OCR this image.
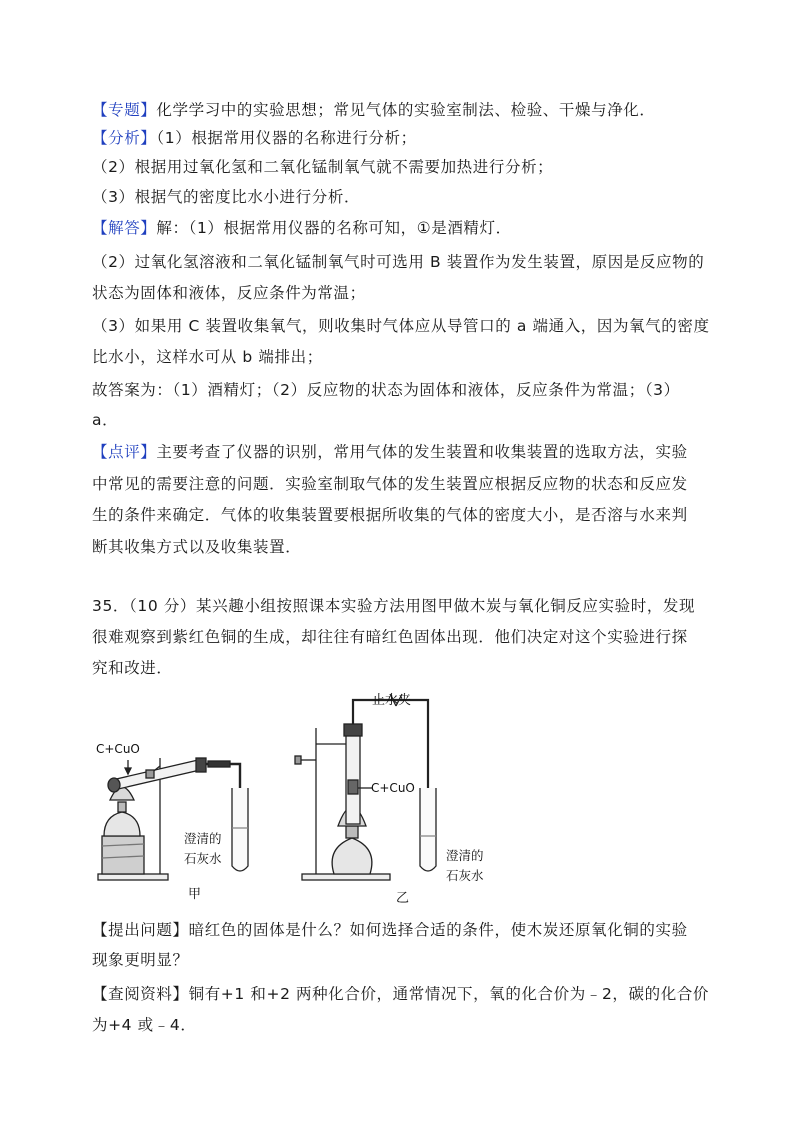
【专题】化学学习中的实验思想；常见气体的实验室制法、检验、干燥与净化．
【分析】（1）根据常用仪器的名称进行分析；
（2）根据用过氧化氢和二氧化锰制氧气就不需要加热进行分析；
（3）根据气的密度比水小进行分析．
【解答】解：（1）根据常用仪器的名称可知，①是酒精灯．
（2）过氧化氢溶液和二氧化锰制氧气时可选用 B 装置作为发生装置，原因是反应物的
状态为固体和液体，反应条件为常温；
（3）如果用 C 装置收集氧气，则收集时气体应从导管口的 a 端通入，因为氧气的密度
比水小，这样水可从 b 端排出；
故答案为：（1）酒精灯；（2）反应物的状态为固体和液体，反应条件为常温；（3）
a．
【点评】主要考查了仪器的识别，常用气体的发生装置和收集装置的选取方法，实验
中常见的需要注意的问题．实验室制取气体的发生装置应根据反应物的状态和反应发
生的条件来确定．气体的收集装置要根据所收集的气体的密度大小，是否溶与水来判
断其收集方式以及收集装置．
35．（10 分）某兴趣小组按照课本实验方法用图甲做木炭与氧化铜反应实验时，发现
很难观察到紫红色铜的生成，却往往有暗红色固体出现．他们决定对这个实验进行探
究和改进．
C+CuO
澄清的
石灰水
甲
止水夹
C+CuO
澄清的
石灰水
乙
【提出问题】暗红色的固体是什么？如何选择合适的条件，使木炭还原氧化铜的实验
现象更明显？
【查阅资料】铜有+1 和+2 两种化合价，通常情况下，氧的化合价为﹣2，碳的化合价
为+4 或﹣4．
